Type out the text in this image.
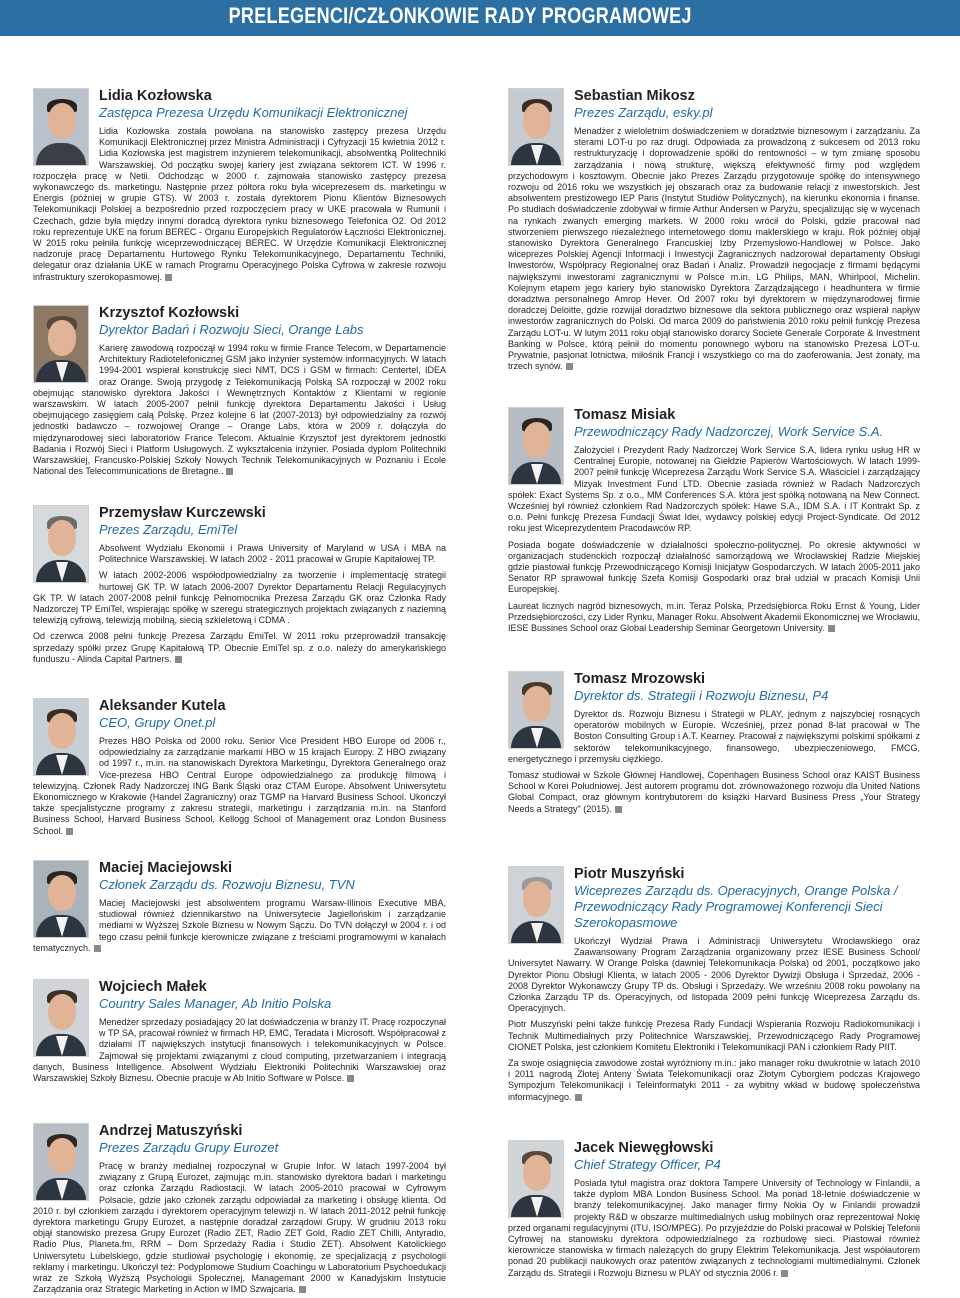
PRELEGENCI/CZŁONKOWIE RADY PROGRAMOWEJ
Lidia Kozłowska
Zastępca Prezesa Urzędu Komunikacji Elektronicznej

Lidia Kozłowska została powołana na stanowisko zastępcy prezesa Urzędu Komunikacji Elektronicznej przez Ministra Administracji i Cyfryzacji 15 kwietnia 2012 r. Lidia Kozłowska jest magistrem inżynierem telekomunikacji, absolwentką Politechniki Warszawskiej. Od początku swojej kariery jest związana sektorem ICT. W 1996 r. rozpoczęła pracę w Netii. Odchodząc w 2000 r. zajmowała stanowisko zastępcy prezesa wykonawczego ds. marketingu. Następnie przez półtora roku była wiceprezesem ds. marketingu w Energis (później w grupie GTS). W 2003 r. została dyrektorem Pionu Klientów Biznesowych Telekomunikacji Polskiej a bezpośrednio przed rozpoczęciem pracy w UKE pracowała w Rumunii i Czechach, gdzie była między innymi doradcą dyrektora rynku biznesowego Telefonica O2. Od 2012 roku reprezentuje UKE na forum BEREC - Organu Europejskich Regulatorów Łączności Elektronicznej. W 2015 roku pełniła funkcję wiceprzewodniczącej BEREC. W Urzędzie Komunikacji Elektronicznej nadzoruje pracę Departamentu Hurtowego Rynku Telekomunikacyjnego, Departamentu Techniki, delegatur oraz działania UKE w ramach Programu Operacyjnego Polska Cyfrowa w zakresie rozwoju infrastruktury szerokopasmowej.

Krzysztof Kozłowski
Dyrektor Badań i Rozwoju Sieci, Orange Labs

Karierę zawodową rozpoczął w 1994 roku w firmie France Telecom, w Departamencie Architektury Radiotelefonicznej GSM jako inżynier systemów informacyjnych. W latach 1994-2001 wspierał konstrukcję sieci NMT, DCS i GSM w firmach: Centertel, IDEA oraz Orange. Swoją przygodę z Telekomunikacją Polską SA rozpoczął w 2002 roku obejmując stanowisko dyrektora Jakości i Wewnętrznych Kontaktów z Klientami w regionie warszawskim. W latach 2005-2007 pełnił funkcję dyrektora Departamentu Jakości i Usług obejmującego zasięgiem całą Polskę. Przez kolejne 6 lat (2007-2013) był odpowiedzialny za rozwój jednostki badawczo – rozwojowej Orange – Orange Labs, która w 2009 r. dołączyła do międzynarodowej sieci laboratoriów France Telecom. Aktualnie Krzysztof jest dyrektorem jednostki Badania i Rozwój Sieci i Platform Usługowych. Z wykształcenia inżynier. Posiada dyplom Politechniki Warszawskiej, Francusko-Polskiej Szkoły Nowych Technik Telekomunikacyjnych w Poznaniu i Ecole National des Telecommunications de Bretagne..

Przemysław Kurczewski
Prezes Zarządu, EmiTel

Absolwent Wydziału Ekonomii i Prawa University of Maryland w USA i MBA na Politechnice Warszawskiej. W latach 2002 - 2011 pracował w Grupie Kapitałowej TP.

W latach 2002-2006 współodpowiedzialny za tworzenie i implementację strategii hurtowej GK TP. W latach 2006-2007 Dyrektor Departamentu Relacji Regulacyjnych GK TP. W latach 2007-2008 pełnił funkcję Pełnomocnika Prezesa Zarządu GK oraz Członka Rady Nadzorczej TP EmiTel, wspierając spółkę w szeregu strategicznych projektach związanych z naziemną telewizją cyfrową, telewizją mobilną, siecią szkieletową i CDMA .

Od czerwca 2008 pełni funkcję Prezesa Zarządu EmiTel. W 2011 roku przeprowadził transakcję sprzedaży spółki przez Grupę Kapitałową TP. Obecnie EmiTel sp. z o.o. należy do amerykańskiego funduszu - Alinda Capital Partners.

Aleksander Kutela
CEO, Grupy Onet.pl

Prezes HBO Polska od 2000 roku. Senior Vice President HBO Europe od 2006 r., odpowiedzialny za zarządzanie markami HBO w 15 krajach Europy. Z HBO związany od 1997 r., m.in. na stanowiskach Dyrektora Marketingu, Dyrektora Generalnego oraz Vice-prezesa HBO Central Europe odpowiedzialnego za produkcję filmową i telewizyjną. Członek Rady Nadzorczej ING Bank Śląski oraz CTAM Europe. Absolwent Uniwersytetu Ekonomicznego w Krakowie (Handel Zagraniczny) oraz TGMP na Harvard Business School. Ukończył także specjalistyczne programy z zakresu strategii, marketingu i zarządzania m.in. na Stanford Business School, Harvard Business School, Kellogg School of Management oraz London Business School.

Maciej Maciejowski
Członek Zarządu ds. Rozwoju Biznesu, TVN

Maciej Maciejowski jest absolwentem programu Warsaw-Illinois Executive MBA, studiował również dziennikarstwo na Uniwersytecie Jagiellońskim i zarządzanie mediami w Wyższej Szkole Biznesu w Nowym Sączu. Do TVN dołączył w 2004 r. i od tego czasu pełnił funkcje kierownicze związane z treściami programowymi w kanałach tematycznych.

Wojciech Małek
Country Sales Manager, Ab Initio Polska

Menedżer sprzedaży posiadający 20 lat doświadczenia w branży IT. Pracę rozpoczynał w TP SA, pracował również w firmach HP, EMC, Teradata i Microsoft. Współpracował z działami IT największych instytucji finansowych i telekomunikacyjnych w Polsce. Zajmował się projektami związanymi z cloud computing, przetwarzaniem i integracją danych, Business Intelligence. Absolwent Wydziału Elektroniki Politechniki Warszawskiej oraz Warszawskiej Szkoły Biznesu. Obecnie pracuje w Ab Initio Software w Polsce.

Andrzej Matuszyński
Prezes Zarządu Grupy Eurozet

Pracę w branży medialnej rozpoczynał w Grupie Infor. W latach 1997-2004 był związany z Grupą Eurozet, zajmując m.in. stanowisko dyrektora badań i marketingu oraz członka Zarządu Radiostacji. W latach 2005-2010 pracował w Cyfrowym Polsacie, gdzie jako członek zarządu odpowiadał za marketing i obsługę klienta. Od 2010 r. był członkiem zarządu i dyrektorem operacyjnym telewizji n. W latach 2011-2012 pełnił funkcję dyrektora marketingu Grupy Eurozet, a następnie doradzał zarządowi Grupy. W grudniu 2013 roku objął stanowisko prezesa Grupy Eurozet (Radio ZET, Radio ZET Gold, Radio ZET Chilli, Antyradio, Radio Plus, Planeta.fm, RRM – Dom Sprzedaży Radia i Studio ZET). Absolwent Katolickiego Uniwersytetu Lubelskiego, gdzie studiował psychologię i ekonomię, ze specjalizacją z psychologii reklamy i marketingu. Ukończył też: Podyplomowe Studium Coachingu w Laboratorium Psychoedukacji wraz ze Szkołą Wyższą Psychologii Społecznej, Managemant 2000 w Kanadyjskim Instytucie Zarządzania oraz Strategic Marketing in Action w IMD Szwajcaria.

Sebastian Mikosz
Prezes Zarządu, esky.pl

Menadżer z wieloletnim doświadczeniem w doradztwie biznesowym i zarządzaniu. Za sterami LOT-u po raz drugi. Odpowiada za prowadzoną z sukcesem od 2013 roku restrukturyzację i doprowadzenie spółki do rentowności – w tym zmianę sposobu zarządzania i nową strukturę, większą efektywność firmy pod względem przychodowym i kosztowym. Obecnie jako Prezes Zarządu przygotowuje spółkę do intensywnego rozwoju od 2016 roku we wszystkich jej obszarach oraz za budowanie relacji z inwestorskich. Jest absolwentem prestiżowego IEP Paris (Instytut Studiów Politycznych), na kierunku ekonomia i finanse. Po studiach doświadczenie zdobywał w firmie Arthur Andersen w Paryżu, specjalizując się w wycenach na rynkach zwanych emerging markets. W 2000 roku wrócił do Polski, gdzie pracował nad stworzeniem pierwszego niezależnego internetowego domu maklerskiego w kraju. Rok później objął stanowisko Dyrektora Generalnego Francuskiej Izby Przemysłowo-Handlowej w Polsce. Jako wiceprezes Polskiej Agencji Informacji i Inwestycji Zagranicznych nadzorował departamenty Obsługi Inwestorów, Współpracy Regionalnej oraz Badań i Analiz. Prowadził negocjacje z firmami będącymi największymi inwestorami zagranicznymi w Polsce m.in. LG Philips, MAN, Whirlpool, Michelin. Kolejnym etapem jego kariery było stanowisko Dyrektora Zarządzającego i headhuntera w firmie doradztwa personalnego Amrop Hever. Od 2007 roku był dyrektorem w międzynarodowej firmie doradczej Deloitte, gdzie rozwijał doradztwo biznesowe dla sektora publicznego oraz wspierał napływ inwestorów zagranicznych do Polski. Od marca 2009 do państwienia 2010 roku pełnił funkcję Prezesa Zarządu LOT-u. W lutym 2011 roku objął stanowisko dorarcy Societe Generale Corporate & Investment Banking w Polsce, którą pełnił do momentu ponownego wyboru na stanowisko Prezesa LOT-u. Prywatnie, pasjonat lotnictwa, miłośnik Francji i wszystkiego co ma do zaoferowania. Jest żonaty, ma trzech synów.

Tomasz Misiak
Przewodniczący Rady Nadzorczej, Work Service S.A.

Założyciel i Prezydent Rady Nadzorczej Work Service S.A, lidera rynku usług HR w Centralnej Europie, notowanej na Giełdzie Papierów Wartościowych. W latach 1999-2007 pełnił funkcję Wiceprezesa Zarządu Work Service S.A. Właściciel i zarządzający Mizyak Investment Fund LTD. Obecnie zasiada również w Radach Nadzorczych spółek: Exact Systems Sp. z o.o., MM Conferences S.A. która jest spółką notowaną na New Connect. Wcześniej był również członkiem Rad Nadzorczych spółek: Hawe S.A., IDM S.A. i IT Kontrakt Sp. z o.o. Pełni funkcję Prezesa Fundacji Świat Idei, wydawcy polskiej edycji Project-Syndicate. Od 2012 roku jest Wiceprezydentem Pracodawców RP.

Posiada bogate doświadczenie w działalności społeczno-politycznej. Po okresie aktywności w organizacjach studenckich rozpoczął działalność samorządową we Wrocławskiej Radzie Miejskiej gdzie piastował funkcję Przewodniczącego Komisji Inicjatyw Gospodarczych. W latach 2005-2011 jako Senator RP sprawował funkcję Szefa Komisji Gospodarki oraz brał udział w pracach Komisji Unii Europejskiej.

Laureat licznych nagród biznesowych, m.in. Teraz Polska, Przedsiębiorca Roku Ernst & Young, Lider Przedsiębiorczości, czy Lider Rynku, Manager Roku. Absolwent Akademii Ekonomicznej we Wrocławiu, IESE Bussines School oraz Global Leadership Seminar Georgetown University.

Tomasz Mrozowski
Dyrektor ds. Strategii i Rozwoju Biznesu, P4

Dyrektor ds. Rozwoju Biznesu i Strategii w PLAY, jednym z najszybciej rosnących operatorów mobilnych w Europie. Wcześniej, przez ponad 8-lat pracował w The Boston Consulting Group i A.T. Kearney. Pracował z największymi polskimi spółkami z sektorów telekomunikacyjnego, finansowego, ubezpieczeniowego, FMCG, energetycznego i przemysłu ciężkiego.

Tomasz studiował w Szkole Głównej Handlowej, Copenhagen Business School oraz KAIST Business School w Korei Południowej. Jest autorem programu dot. zrównoważonego rozwoju dla United Nations Global Compact, oraz głównym kontrybutorem do książki Harvard Business Press „Your Strategy Needs a Strategy" (2015).

Piotr Muszyński
Wiceprezes Zarządu ds. Operacyjnych, Orange Polska / Przewodniczący Rady Programowej Konferencji Sieci Szerokopasmowe

Ukończył Wydział Prawa i Administracji Uniwersytetu Wrocławskiego oraz Zaawansowany Program Zarządzania organizowany przez IESE Business School/ Universytet Nawarry. W Orange Polska (dawniej Telekomunikacja Polska) od 2001, początkowo jako Dyrektor Pionu Obsługi Klienta, w latach 2005 - 2006 Dyrektor Dywizji Obsługa i Sprzedaż, 2006 - 2008 Dyrektor Wykonawczy Grupy TP ds. Obsługi i Sprzedaży. We wrześniu 2008 roku powołany na Członka Zarządu TP ds. Operacyjnych, od listopada 2009 pełni funkcję Wiceprezesa Zarządu ds. Operacyjnych.

Piotr Muszyński pełni także funkcję Prezesa Rady Fundacji Wspierania Rozwoju Radiokomunikacji i Technik Multimedialnych przy Politechnice Warszawskiej, Przewodniczącego Rady Programowej CIONET Polska, jest członkiem Komitetu Elektroniki i Telekomunikacji PAN i członkiem Rady PIIT.

Za swoje osiągnięcia zawodowe został wyróżniony m.in.: jako manager roku dwukrotnie w latach 2010 i 2011 nagrodą Złotej Anteny Świata Telekomunikacji oraz Złotym Cyborgiem podczas Krajowego Sympozjum Telekomunikacji i Teleinformatyki 2011 - za wybitny wkład w budowę społeczeństwa informacyjnego.

Jacek Niewęgłowski
Chief Strategy Officer, P4

Posiada tytuł magistra oraz doktora Tampere University of Technology w Finlandii, a także dyplom MBA London Business School. Ma ponad 18-letnie doświadczenie w branży telekomunikacyjnej. Jako manager firmy Nokia Oy w Finlandii prowadził projekty R&D w obszarze multimedialnych usług mobilnych oraz reprezentował Nokię przed organami regulacyjnymi (ITU, ISO/MPEG). Po przyjeździe do Polski pracował w Polskiej Telefonii Cyfrowej na stanowisku dyrektora odpowiedzialnego za rozbudowę sieci. Piastował również kierownicze stanowiska w firmach należących do grupy Elektrim Telekomunikacja. Jest współautorem ponad 20 publikacji naukowych oraz patentów związanych z technologiami multimedialnymi. Członek Zarządu ds. Strategii i Rozwoju Biznesu w PLAY od stycznia 2006 r.
